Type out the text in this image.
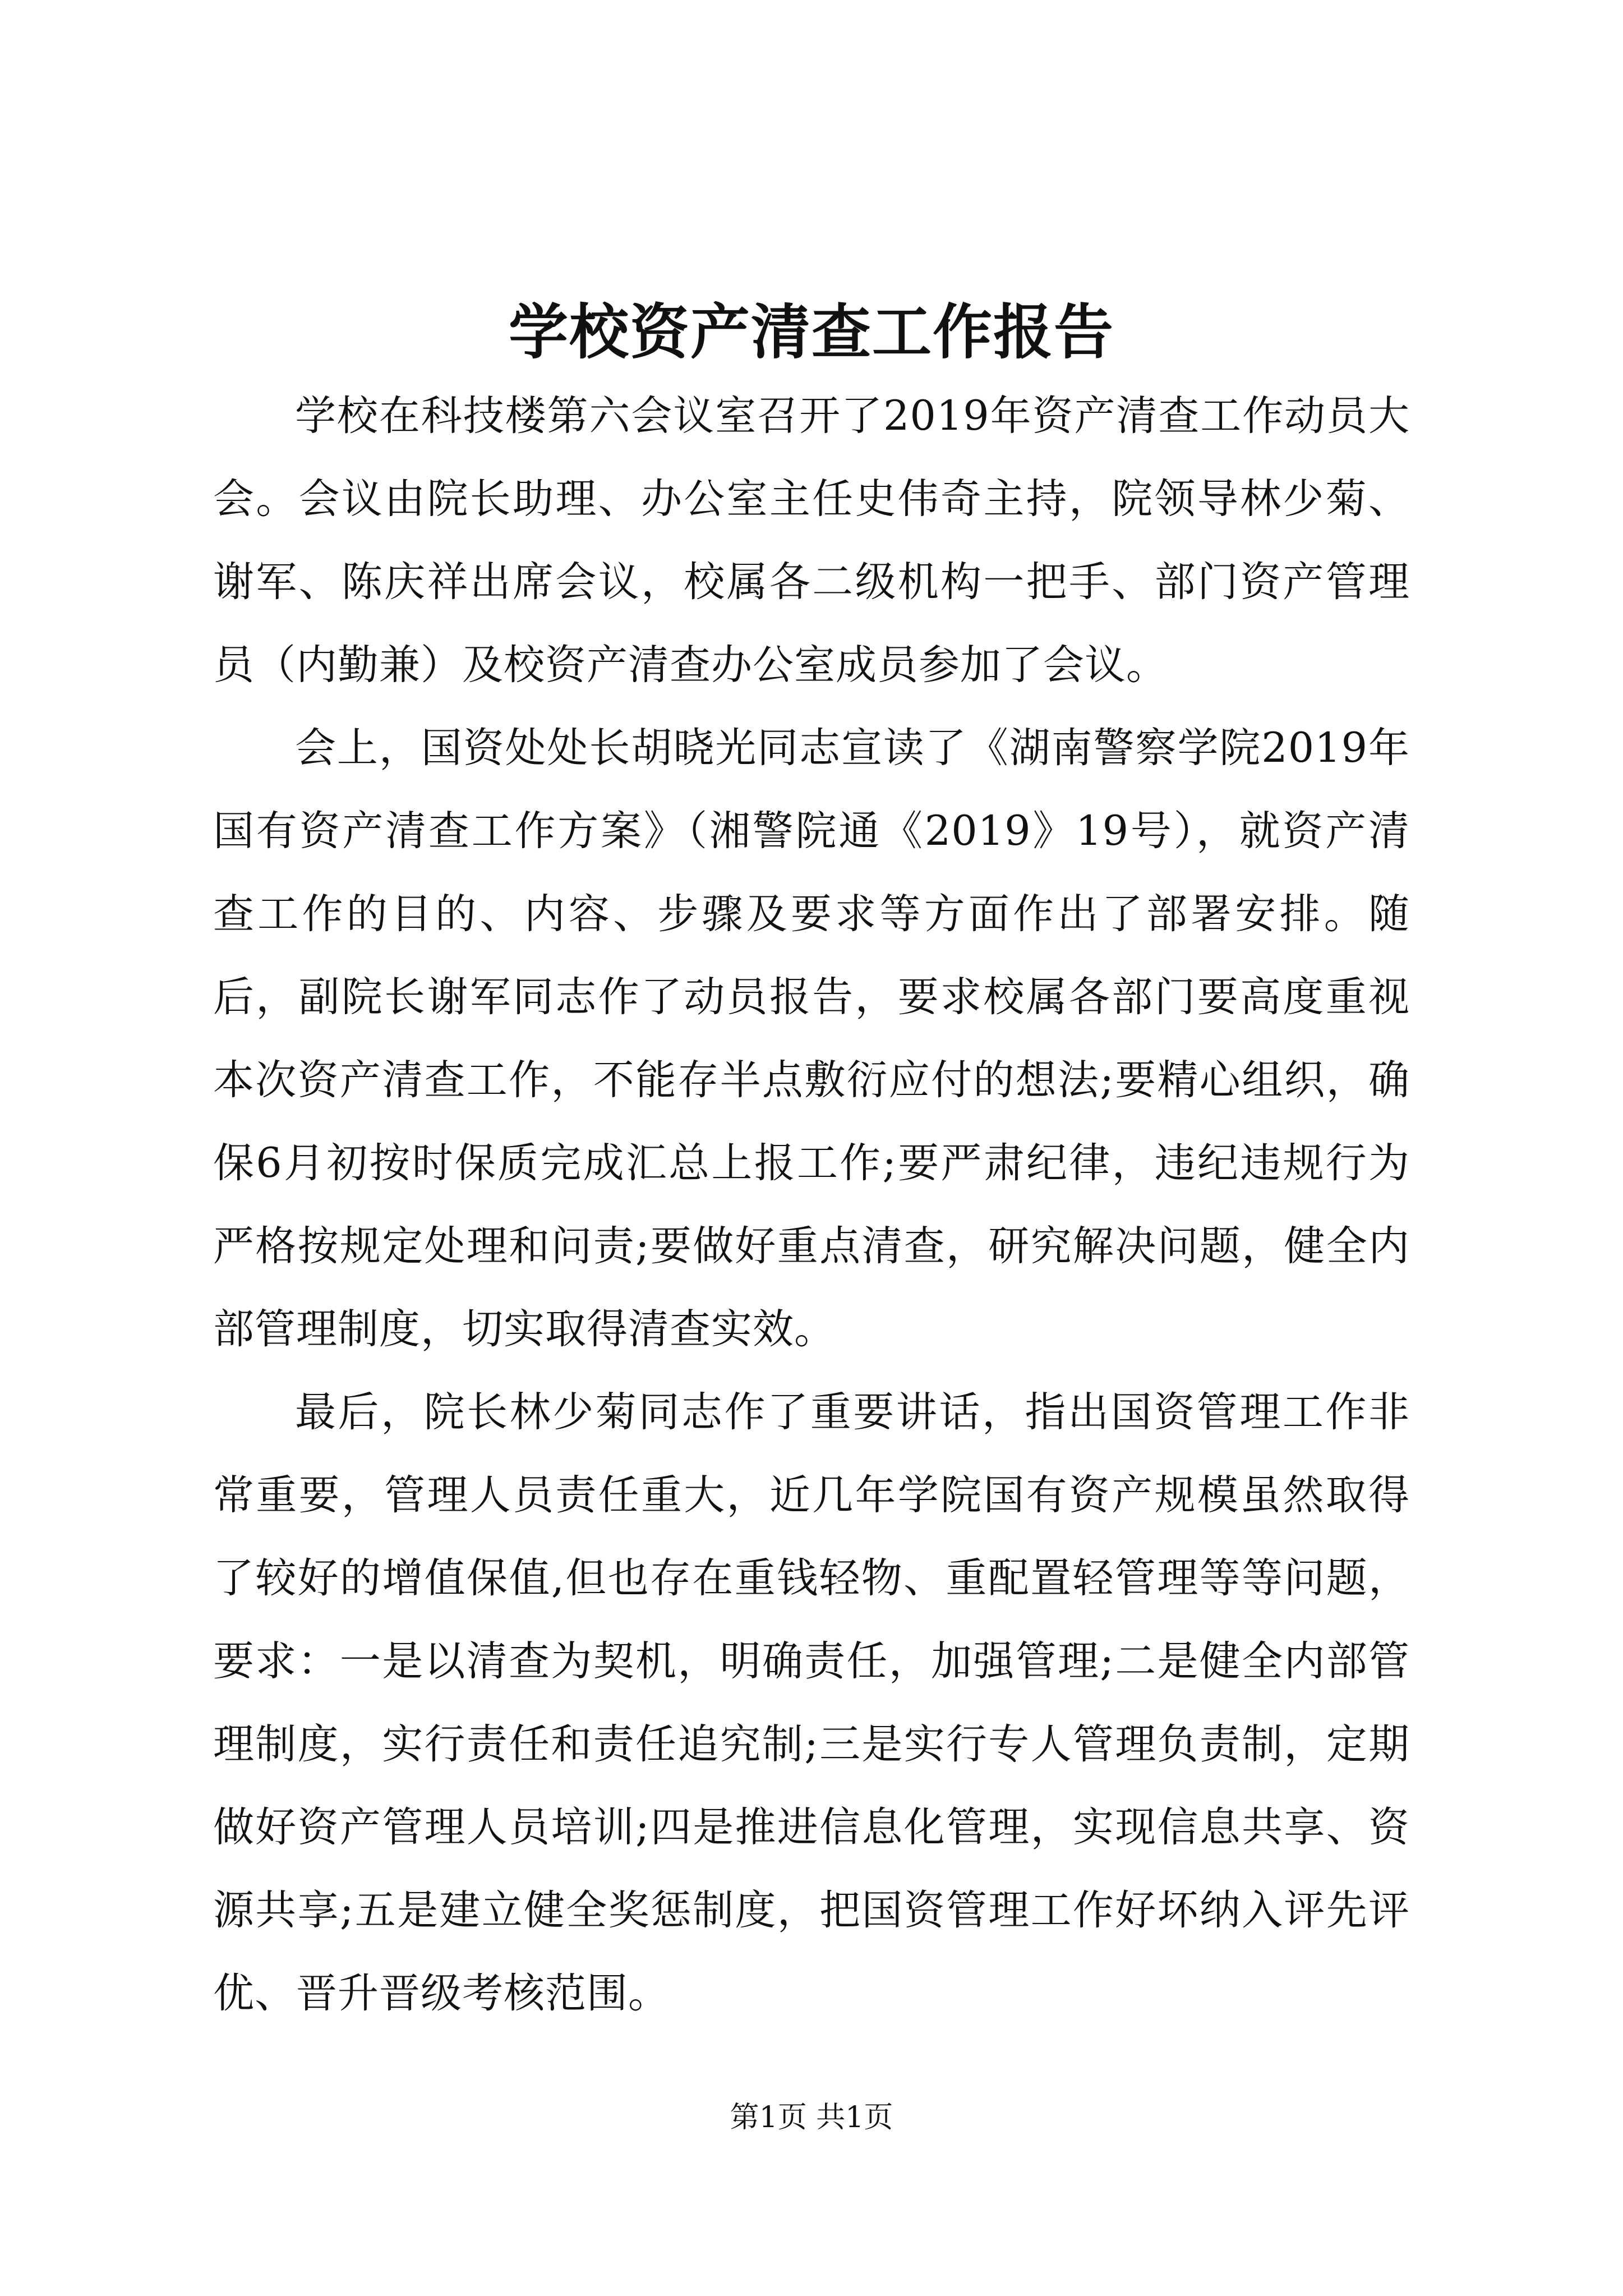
学校资产清查工作报告

学校在科技楼第六会议室召开了2019年资产清查工作动员大会。会议由院长助理、办公室主任史伟奇主持，院领导林少菊、谢军、陈庆祥出席会议，校属各二级机构一把手、部门资产管理员（内勤兼）及校资产清查办公室成员参加了会议。

会上，国资处处长胡晓光同志宣读了《湖南警察学院2019年国有资产清查工作方案》（湘警院通《2019》19号），就资产清查工作的目的、内容、步骤及要求等方面作出了部署安排。随后，副院长谢军同志作了动员报告，要求校属各部门要高度重视本次资产清查工作，不能存半点敷衍应付的想法;要精心组织，确保6月初按时保质完成汇总上报工作;要严肃纪律，违纪违规行为严格按规定处理和问责;要做好重点清查，研究解决问题，健全内部管理制度，切实取得清查实效。

最后，院长林少菊同志作了重要讲话，指出国资管理工作非常重要，管理人员责任重大，近几年学院国有资产规模虽然取得了较好的增值保值,但也存在重钱轻物、重配置轻管理等等问题，要求：一是以清查为契机，明确责任，加强管理;二是健全内部管理制度，实行责任和责任追究制;三是实行专人管理负责制，定期做好资产管理人员培训;四是推进信息化管理，实现信息共享、资源共享;五是建立健全奖惩制度，把国资管理工作好坏纳入评先评优、晋升晋级考核范围。

第1页 共1页
